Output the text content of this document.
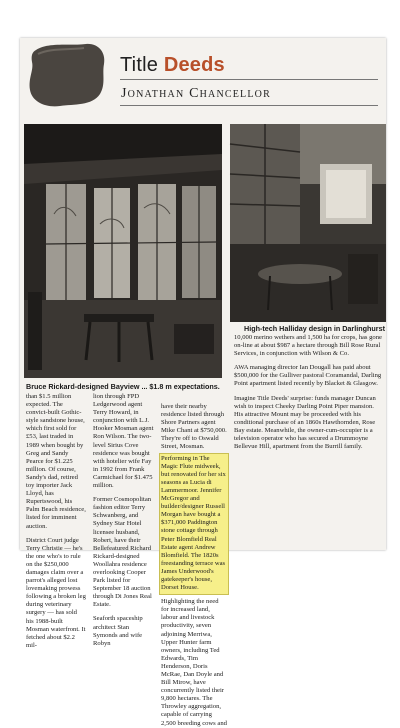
Title Deeds
Jonathan Chancellor
Bruce Rickard-designed Bayview ... $1.8 m expectations.
High-tech Halliday design in Darlinghurst

than $1.5 million expected. The convict-built Gothic-style sandstone house, which first sold for £53, last traded in 1989 when bought by Greg and Sandy Pearce for $1.225 million. Of course, Sandy's dad, retired toy importer Jack Lloyd, has Rupertswood, his Palm Beach residence, listed for imminent auction.

District Court judge Terry Christie — he's the one who's to rule on the $250,000 damages claim over a parrot's alleged lost lovemaking prowess following a broken leg during veterinary surgery — has sold his 1988-built Mosman waterfront. It fetched about $2.2 mil-

lion through FPD Ledgerwood agent Terry Howard, in conjunction with L.J. Hooker Mosman agent Ron Wilson. The two-level Sirius Cove residence was bought with hotelier wife Fay in 1992 from Frank Carmichael for $1.475 million.

Former Cosmopolitan fashion editor Terry Schwanberg, and Sydney Star Hotel licensee husband, Robert, have their Bellefeatured Richard Rickard-designed Woollahra residence overlooking Cooper Park listed for September 18 auction through Di Jones Real Estate.

Seaforth spaceship architect Stan Symonds and wife Robyn

have their nearby residence listed through Shore Partners agent Mike Chant at $750,000. They're off to Oswald Street, Mosman.

Performing in The Magic Flute midweek, but renovated for her six seasons as Lucia di Lammermoor. Jennifer McGregor and builder/designer Russell Morgan have bought a $371,000 Paddington stone cottage through Peter Blomfield Real Estate agent Andrew Blomfield. The 1820s freestanding terrace was James Underwood's gatekeeper's house, Dorset House.

Highlighting the need for increased land, labour and livestock productivity, seven adjoining Merriwa, Upper Hunter farm owners, including Ted Edwards, Tim Henderson, Doris McRae, Dan Doyle and Bill Mirow, have concurrently listed their 9,800 hectares. The Throwley aggregation, capable of carrying 2,500 breeding cows and

10,000 merino wethers and 1,500 ha for crops, has gone on-line at about $987 a hectare through Bill Rose Rural Services, in conjunction with Wilson & Co.

AWA managing director Ian Dougall has paid about $500,000 for the Gulliver pastoral Coramandal, Darling Point apartment listed recently by Blacket & Glasgow.

Imagine Title Deeds' surprise: funds manager Duncan wish to inspect Cheeky Darling Point Piper mansion. His attractive Mount may be proceeded with his conditional purchase of an 1860s Hawthornden, Rose Bay estate. Meanwhile, the owner-cum-occupier is a television operator who has secured a Drummoyne Bellevue Hill, apartment from the Burrill family.
